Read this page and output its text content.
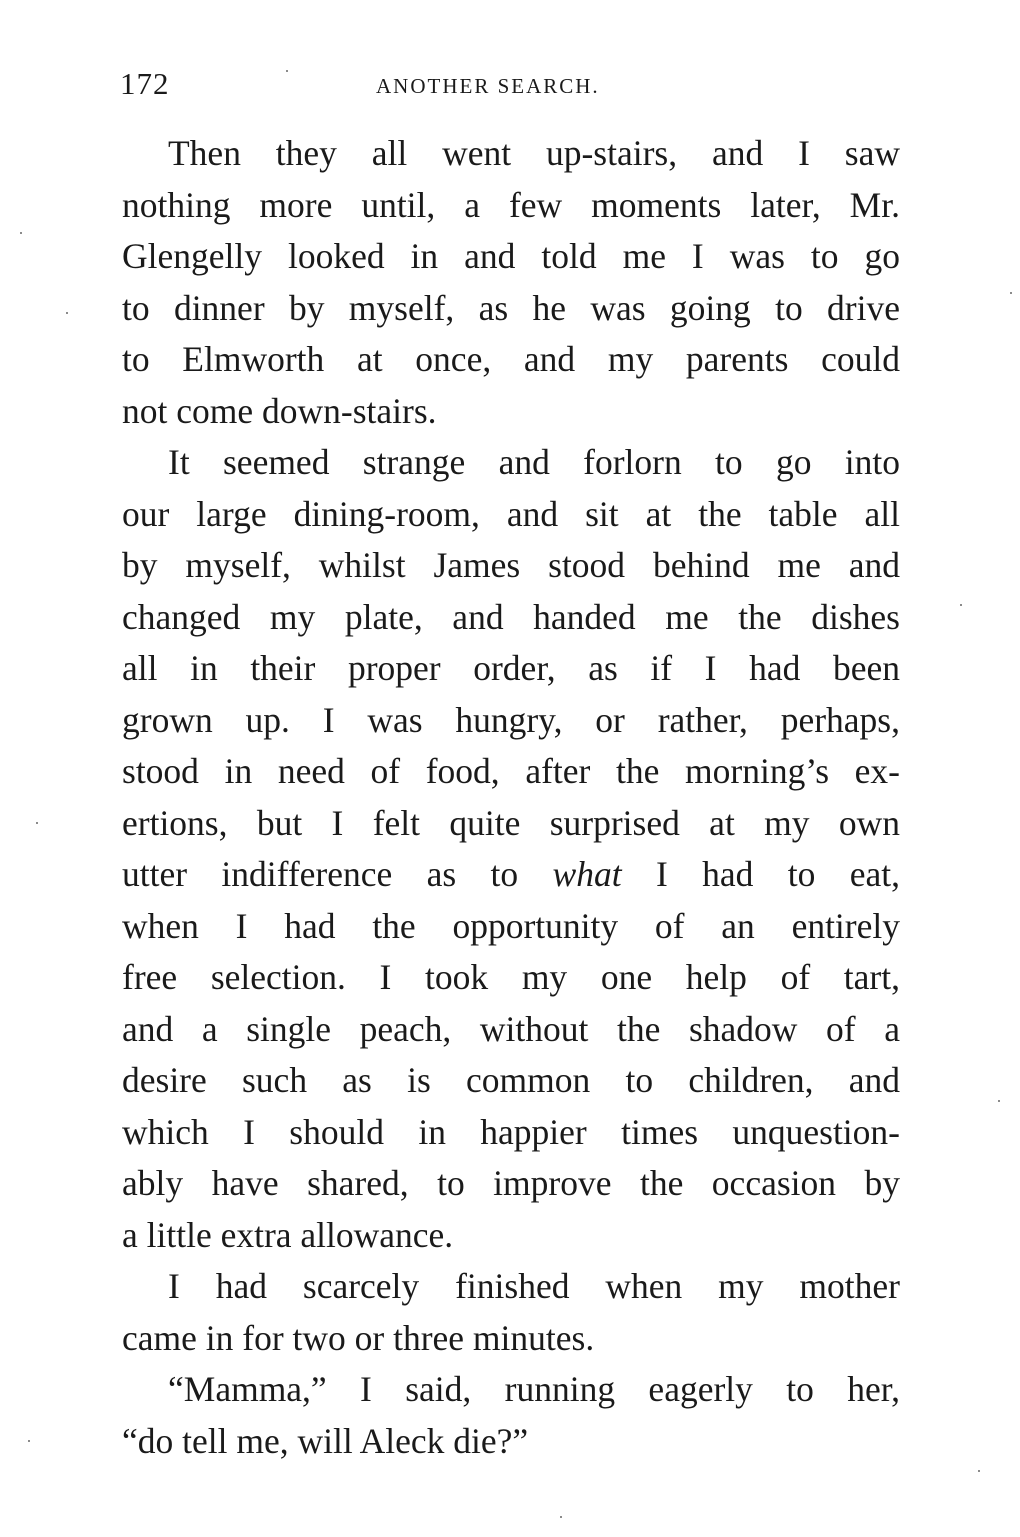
172	ANOTHER SEARCH.
Then they all went up-stairs, and I saw
nothing more until, a few moments later, Mr.
Glengelly looked in and told me I was to go
to dinner by myself, as he was going to drive
to Elmworth at once, and my parents could
not come down-stairs.
It seemed strange and forlorn to go into
our large dining-room, and sit at the table all
by myself, whilst James stood behind me and
changed my plate, and handed me the dishes
all in their proper order, as if I had been
grown up. I was hungry, or rather, perhaps,
stood in need of food, after the morning’s ex-
ertions, but I felt quite surprised at my own
utter indifference as to what I had to eat,
when I had the opportunity of an entirely
free selection. I took my one help of tart,
and a single peach, without the shadow of a
desire such as is common to children, and
which I should in happier times unquestion-
ably have shared, to improve the occasion by
a little extra allowance.
I had scarcely finished when my mother
came in for two or three minutes.
“Mamma,” I said, running eagerly to her,
“do tell me, will Aleck die?”
